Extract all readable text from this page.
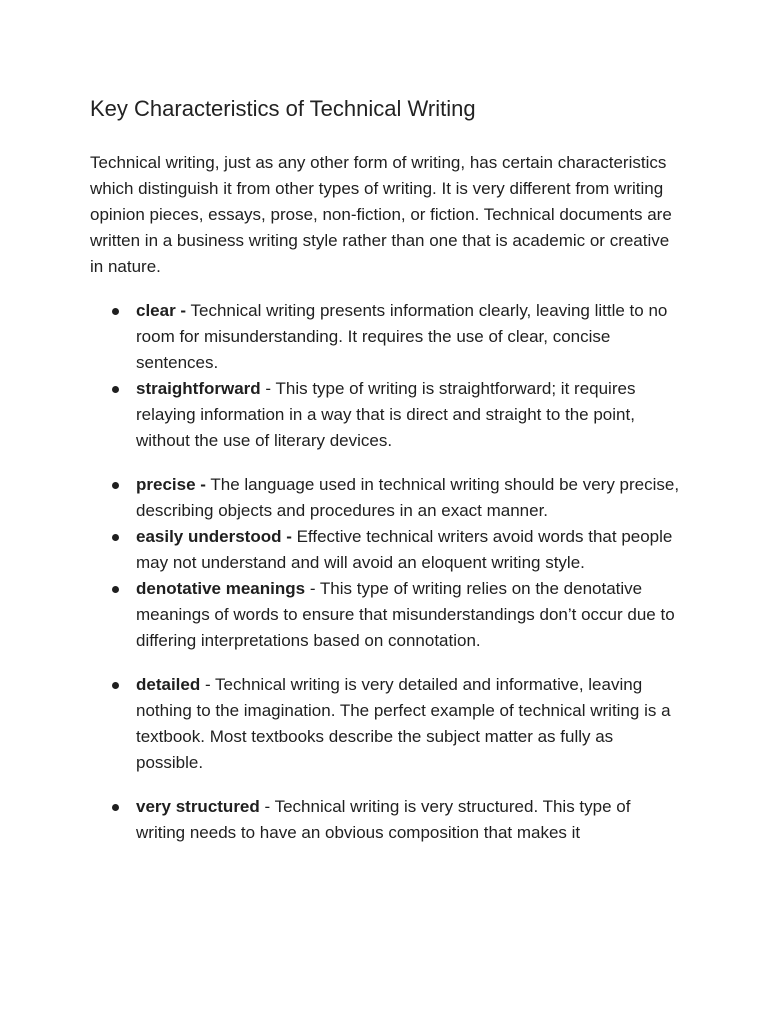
Key Characteristics of Technical Writing

Technical writing, just as any other form of writing, has certain characteristics which distinguish it from other types of writing. It is very different from writing opinion pieces, essays, prose, non-fiction, or fiction. Technical documents are written in a business writing style rather than one that is academic or creative in nature.

clear - Technical writing presents information clearly, leaving little to no room for misunderstanding. It requires the use of clear, concise sentences.
straightforward - This type of writing is straightforward; it requires relaying information in a way that is direct and straight to the point, without the use of literary devices.
precise - The language used in technical writing should be very precise, describing objects and procedures in an exact manner.
easily understood - Effective technical writers avoid words that people may not understand and will avoid an eloquent writing style.
denotative meanings - This type of writing relies on the denotative meanings of words to ensure that misunderstandings don’t occur due to differing interpretations based on connotation.
detailed - Technical writing is very detailed and informative, leaving nothing to the imagination. The perfect example of technical writing is a textbook. Most textbooks describe the subject matter as fully as possible.
very structured - Technical writing is very structured. This type of writing needs to have an obvious composition that makes it
